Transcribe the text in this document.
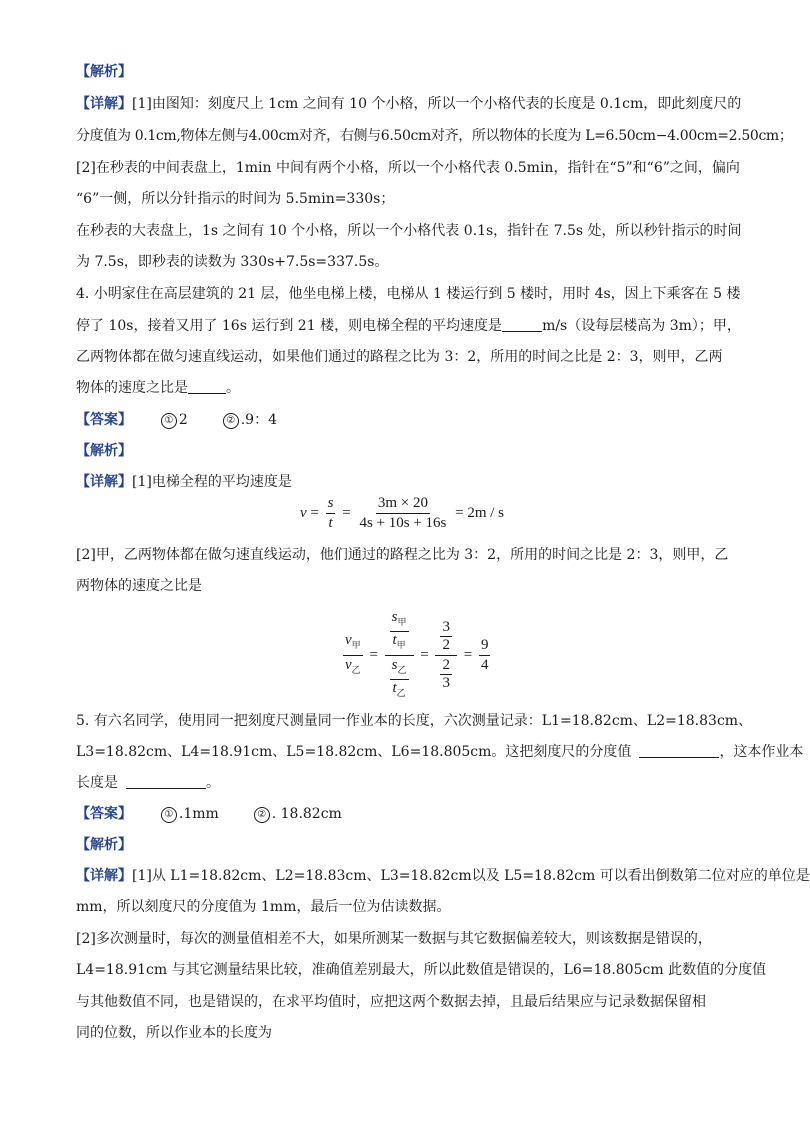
【解析】
【详解】[1]由图知：刻度尺上 1cm 之间有 10 个小格，所以一个小格代表的长度是 0.1cm，即此刻度尺的
分度值为 0.1cm,物体左侧与4.00cm对齐，右侧与6.50cm对齐，所以物体的长度为 L=6.50cm−4.00cm=2.50cm；
[2]在秒表的中间表盘上，1min 中间有两个小格，所以一个小格代表 0.5min，指针在“5”和“6”之间，偏向
“6”一侧，所以分针指示的时间为 5.5min=330s；
在秒表的大表盘上，1s 之间有 10 个小格，所以一个小格代表 0.1s，指针在 7.5s 处，所以秒针指示的时间
为 7.5s，即秒表的读数为 330s+7.5s=337.5s。
4. 小明家住在高层建筑的 21 层，他坐电梯上楼，电梯从 1 楼运行到 5 楼时，用时 4s，因上下乘客在 5 楼
停了 10s，接着又用了 16s 运行到 21 楼，则电梯全程的平均速度是	m/s（设每层楼高为 3m）；甲，
乙两物体都在做匀速直线运动，如果他们通过的路程之比为 3：2，所用的时间之比是 2：3，则甲，乙两
物体的速度之比是	。
【答案】	① 2	② .9：4
【解析】
【详解】[1]电梯全程的平均速度是
$v = \frac{s}{t} = \frac{3m \times 20}{4s + 10s + 16s} = 2m / s$
[2]甲，乙两物体都在做匀速直线运动，他们通过的路程之比为 3：2，所用的时间之比是 2：3，则甲，乙
两物体的速度之比是
$\frac{v_甲}{v_乙} = \frac{\frac{s_甲}{t_甲}}{\frac{s_乙}{t_乙}} = \frac{\frac{3}{2}}{\frac{2}{3}} = \frac{9}{4}$
5. 有六名同学，使用同一把刻度尺测量同一作业本的长度，六次测量记录：L1=18.82cm、L2=18.83cm、
L3=18.82cm、L4=18.91cm、L5=18.82cm、L6=18.805cm。这把刻度尺的分度值	，这本作业本
长度是	。
【答案】	① .1mm	② . 18.82cm
【解析】
【详解】[1]从 L1=18.82cm、L2=18.83cm、L3=18.82cm以及 L5=18.82cm 可以看出倒数第二位对应的单位是
mm，所以刻度尺的分度值为 1mm，最后一位为估读数据。
[2]多次测量时，每次的测量值相差不大，如果所测某一数据与其它数据偏差较大，则该数据是错误的，
L4=18.91cm 与其它测量结果比较，准确值差别最大，所以此数值是错误的，L6=18.805cm 此数值的分度值
与其他数值不同，也是错误的，在求平均值时，应把这两个数据去掉，且最后结果应与记录数据保留相
同的位数，所以作业本的长度为
